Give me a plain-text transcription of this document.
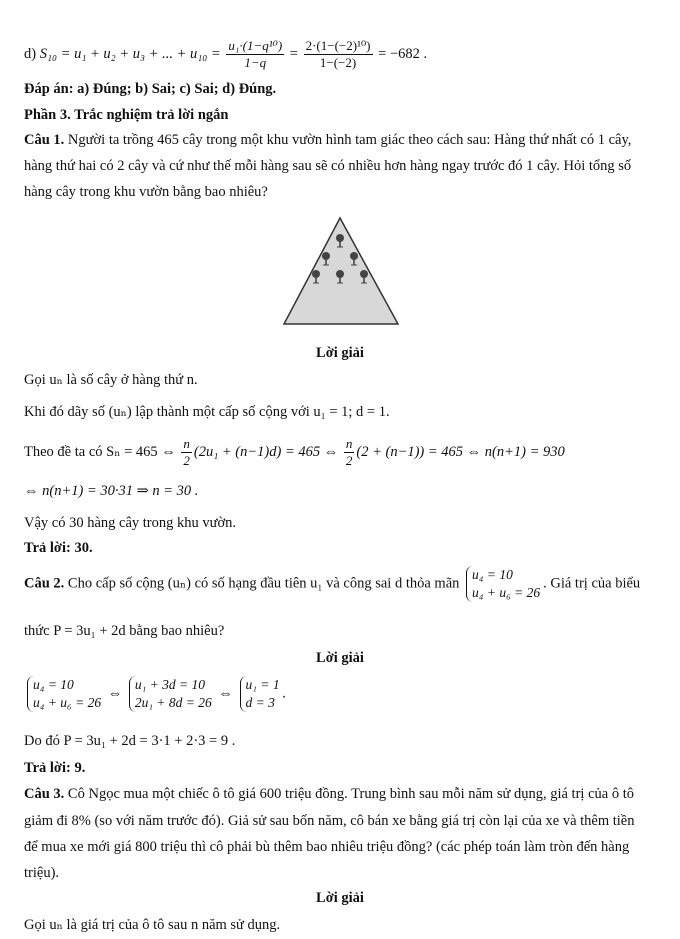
d) S₁₀ = u₁ + u₂ + u₃ + ... + $u_{10} = \frac{\text{u₁·(1−q¹⁰)}}{1-q} = \frac{\text{2·(1−(−2)¹⁰)}}{1-(-2)} = -682$ .
Đáp án: a) Đúng; b) Sai; c) Sai; d) Đúng.
Phần 3. Trắc nghiệm trả lời ngắn
Câu 1. Người ta trồng 465 cây trong một khu vườn hình tam giác theo cách sau: Hàng thứ nhất có 1 cây,
hàng thứ hai có 2 cây và cứ như thế mỗi hàng sau sẽ có nhiều hơn hàng ngay trước đó 1 cây. Hỏi tổng số
hàng cây trong khu vườn bằng bao nhiêu?
Lời giải
Gọi uₙ là số cây ở hàng thứ n.
Khi đó dãy số (uₙ) lập thành một cấp số cộng với u₁ = 1; d = 1.
Theo đề ta có Sₙ = 465 ⇔ $\frac{n}{2} (2u_1 + (n-1)d) = 465$ ⇔ $\frac{n}{2} (2 + (n-1)) = 465$ ⇔ n(n+1) = 930
⇔ n(n+1) = 30·31 ⇒ n = 30 .
Vậy có 30 hàng cây trong khu vườn.
Trả lời: 30.
Câu 2. Cho cấp số cộng (uₙ) có số hạng đầu tiên u₁ và công sai d thỏa mãn
u₄ = 10
u₄ + u₆ = 26
. Giá trị của biểu
thức P = 3u₁ + 2d bằng bao nhiêu?
Lời giải
u₄ = 10
u₄ + u₆ = 26
⇔
u₁ + 3d = 10
2u₁ + 8d = 26
⇔
u₁ = 1
d = 3
.
Do đó P = 3u₁ + 2d = 3·1 + 2·3 = 9 .
Trả lời: 9.
Câu 3. Cô Ngọc mua một chiếc ô tô giá 600 triệu đồng. Trung bình sau mỗi năm sử dụng, giá trị của ô tô
giảm đi 8% (so với năm trước đó). Giả sử sau bốn năm, cô bán xe bằng giá trị còn lại của xe và thêm tiền
để mua xe mới giá 800 triệu thì cô phải bù thêm bao nhiêu triệu đồng? (các phép toán làm tròn đến hàng
triệu).
Lời giải
Gọi uₙ là giá trị của ô tô sau n năm sử dụng.
